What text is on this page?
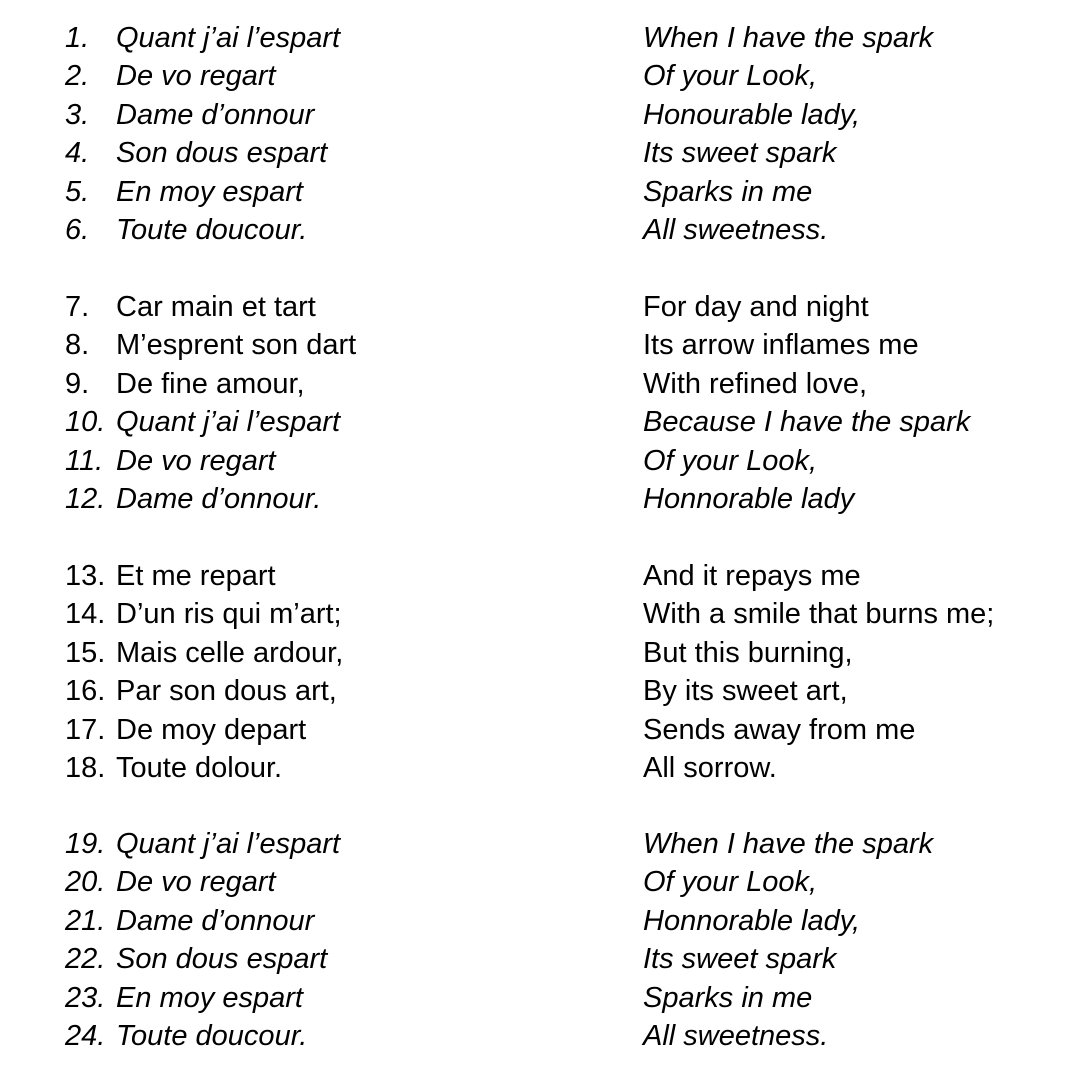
1. Quant j’ai l’espart	When I have the spark
2. De vo regart	Of your Look,
3. Dame d’onnour	Honourable lady,
4. Son dous espart	Its sweet spark
5. En moy espart	Sparks in me
6. Toute doucour.	All sweetness.
7. Car main et tart	For day and night
8. M’esprent son dart	Its arrow inflames me
9. De fine amour,	With refined love,
10. Quant j’ai l’espart	Because I have the spark
11. De vo regart	Of your Look,
12. Dame d’onnour.	Honnorable lady
13. Et me repart	And it repays me
14. D’un ris qui m’art;	With a smile that burns me;
15. Mais celle ardour,	But this burning,
16. Par son dous art,	By its sweet art,
17. De moy depart	Sends away from me
18. Toute dolour.	All sorrow.
19. Quant j’ai l’espart	When I have the spark
20. De vo regart	Of your Look,
21. Dame d’onnour	Honnorable lady,
22. Son dous espart	Its sweet spark
23. En moy espart	Sparks in me
24. Toute doucour.	All sweetness.
